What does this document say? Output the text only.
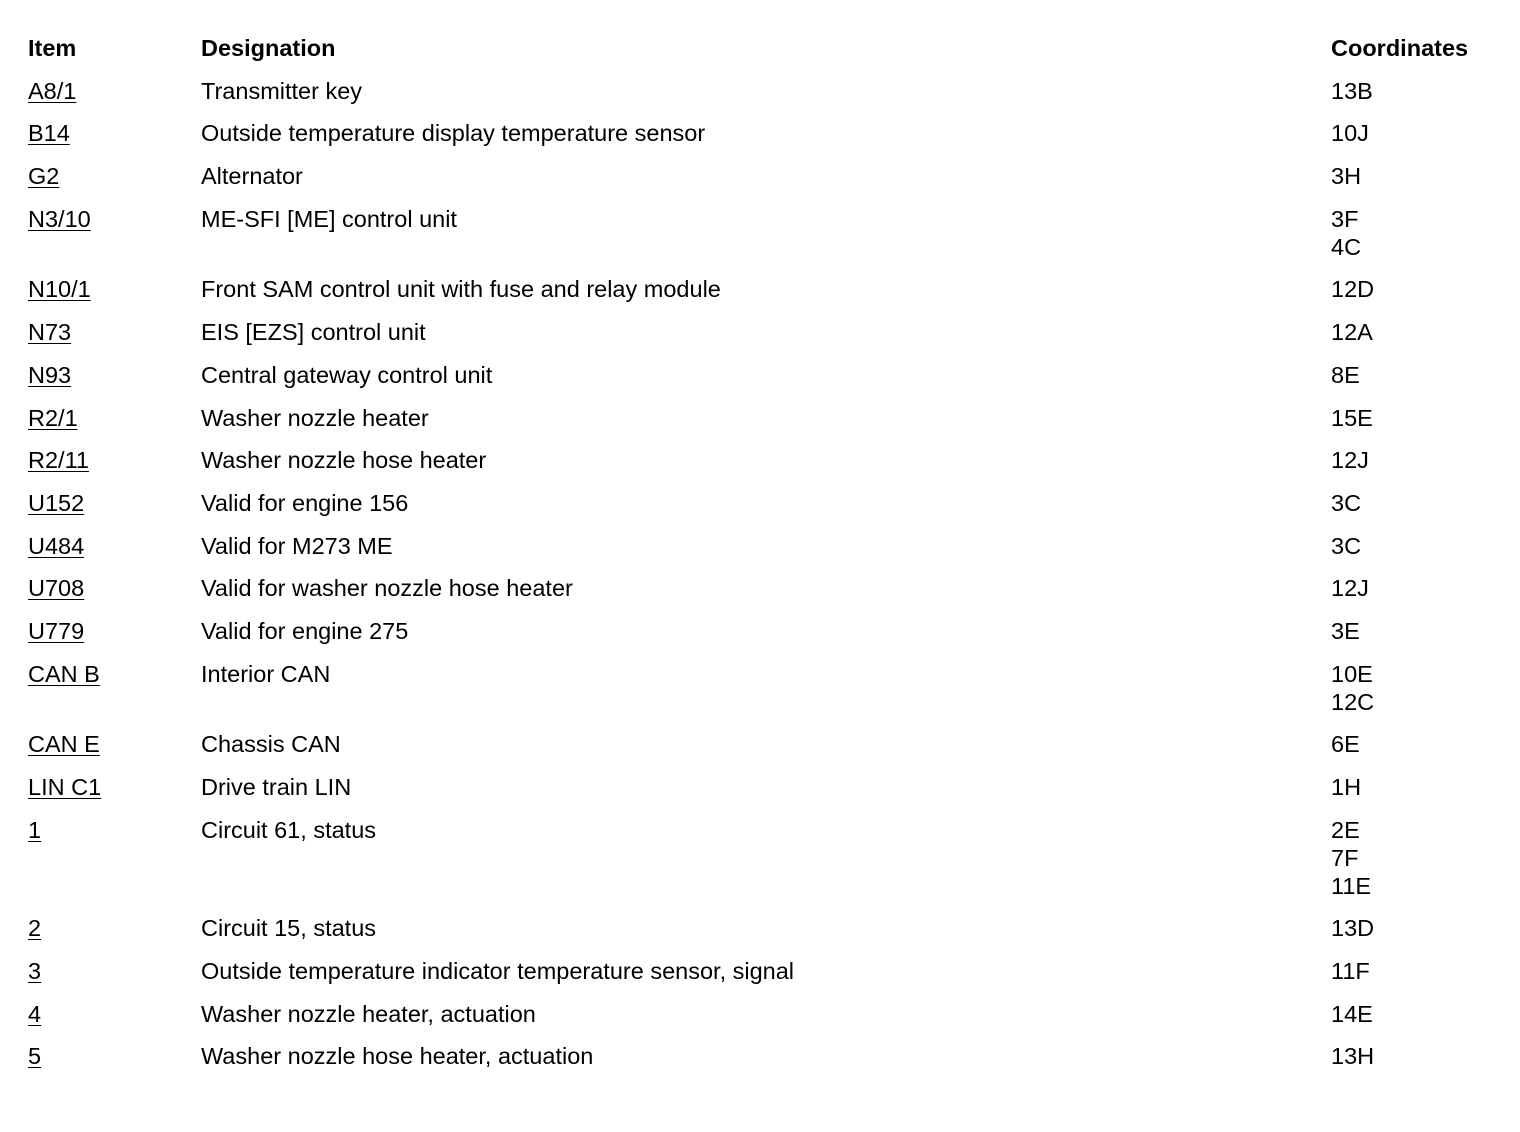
Item	Designation	Coordinates
A8/1	Transmitter key	13B
B14	Outside temperature display temperature sensor	10J
G2	Alternator	3H
N3/10	ME-SFI [ME] control unit	3F
4C
N10/1	Front SAM control unit with fuse and relay module	12D
N73	EIS [EZS] control unit	12A
N93	Central gateway control unit	8E
R2/1	Washer nozzle heater	15E
R2/11	Washer nozzle hose heater	12J
U152	Valid for engine 156	3C
U484	Valid for M273 ME	3C
U708	Valid for washer nozzle hose heater	12J
U779	Valid for engine 275	3E
CAN B	Interior CAN	10E
12C
CAN E	Chassis CAN	6E
LIN C1	Drive train LIN	1H
1	Circuit 61, status	2E
7F
11E
2	Circuit 15, status	13D
3	Outside temperature indicator temperature sensor, signal	11F
4	Washer nozzle heater, actuation	14E
5	Washer nozzle hose heater, actuation	13H
